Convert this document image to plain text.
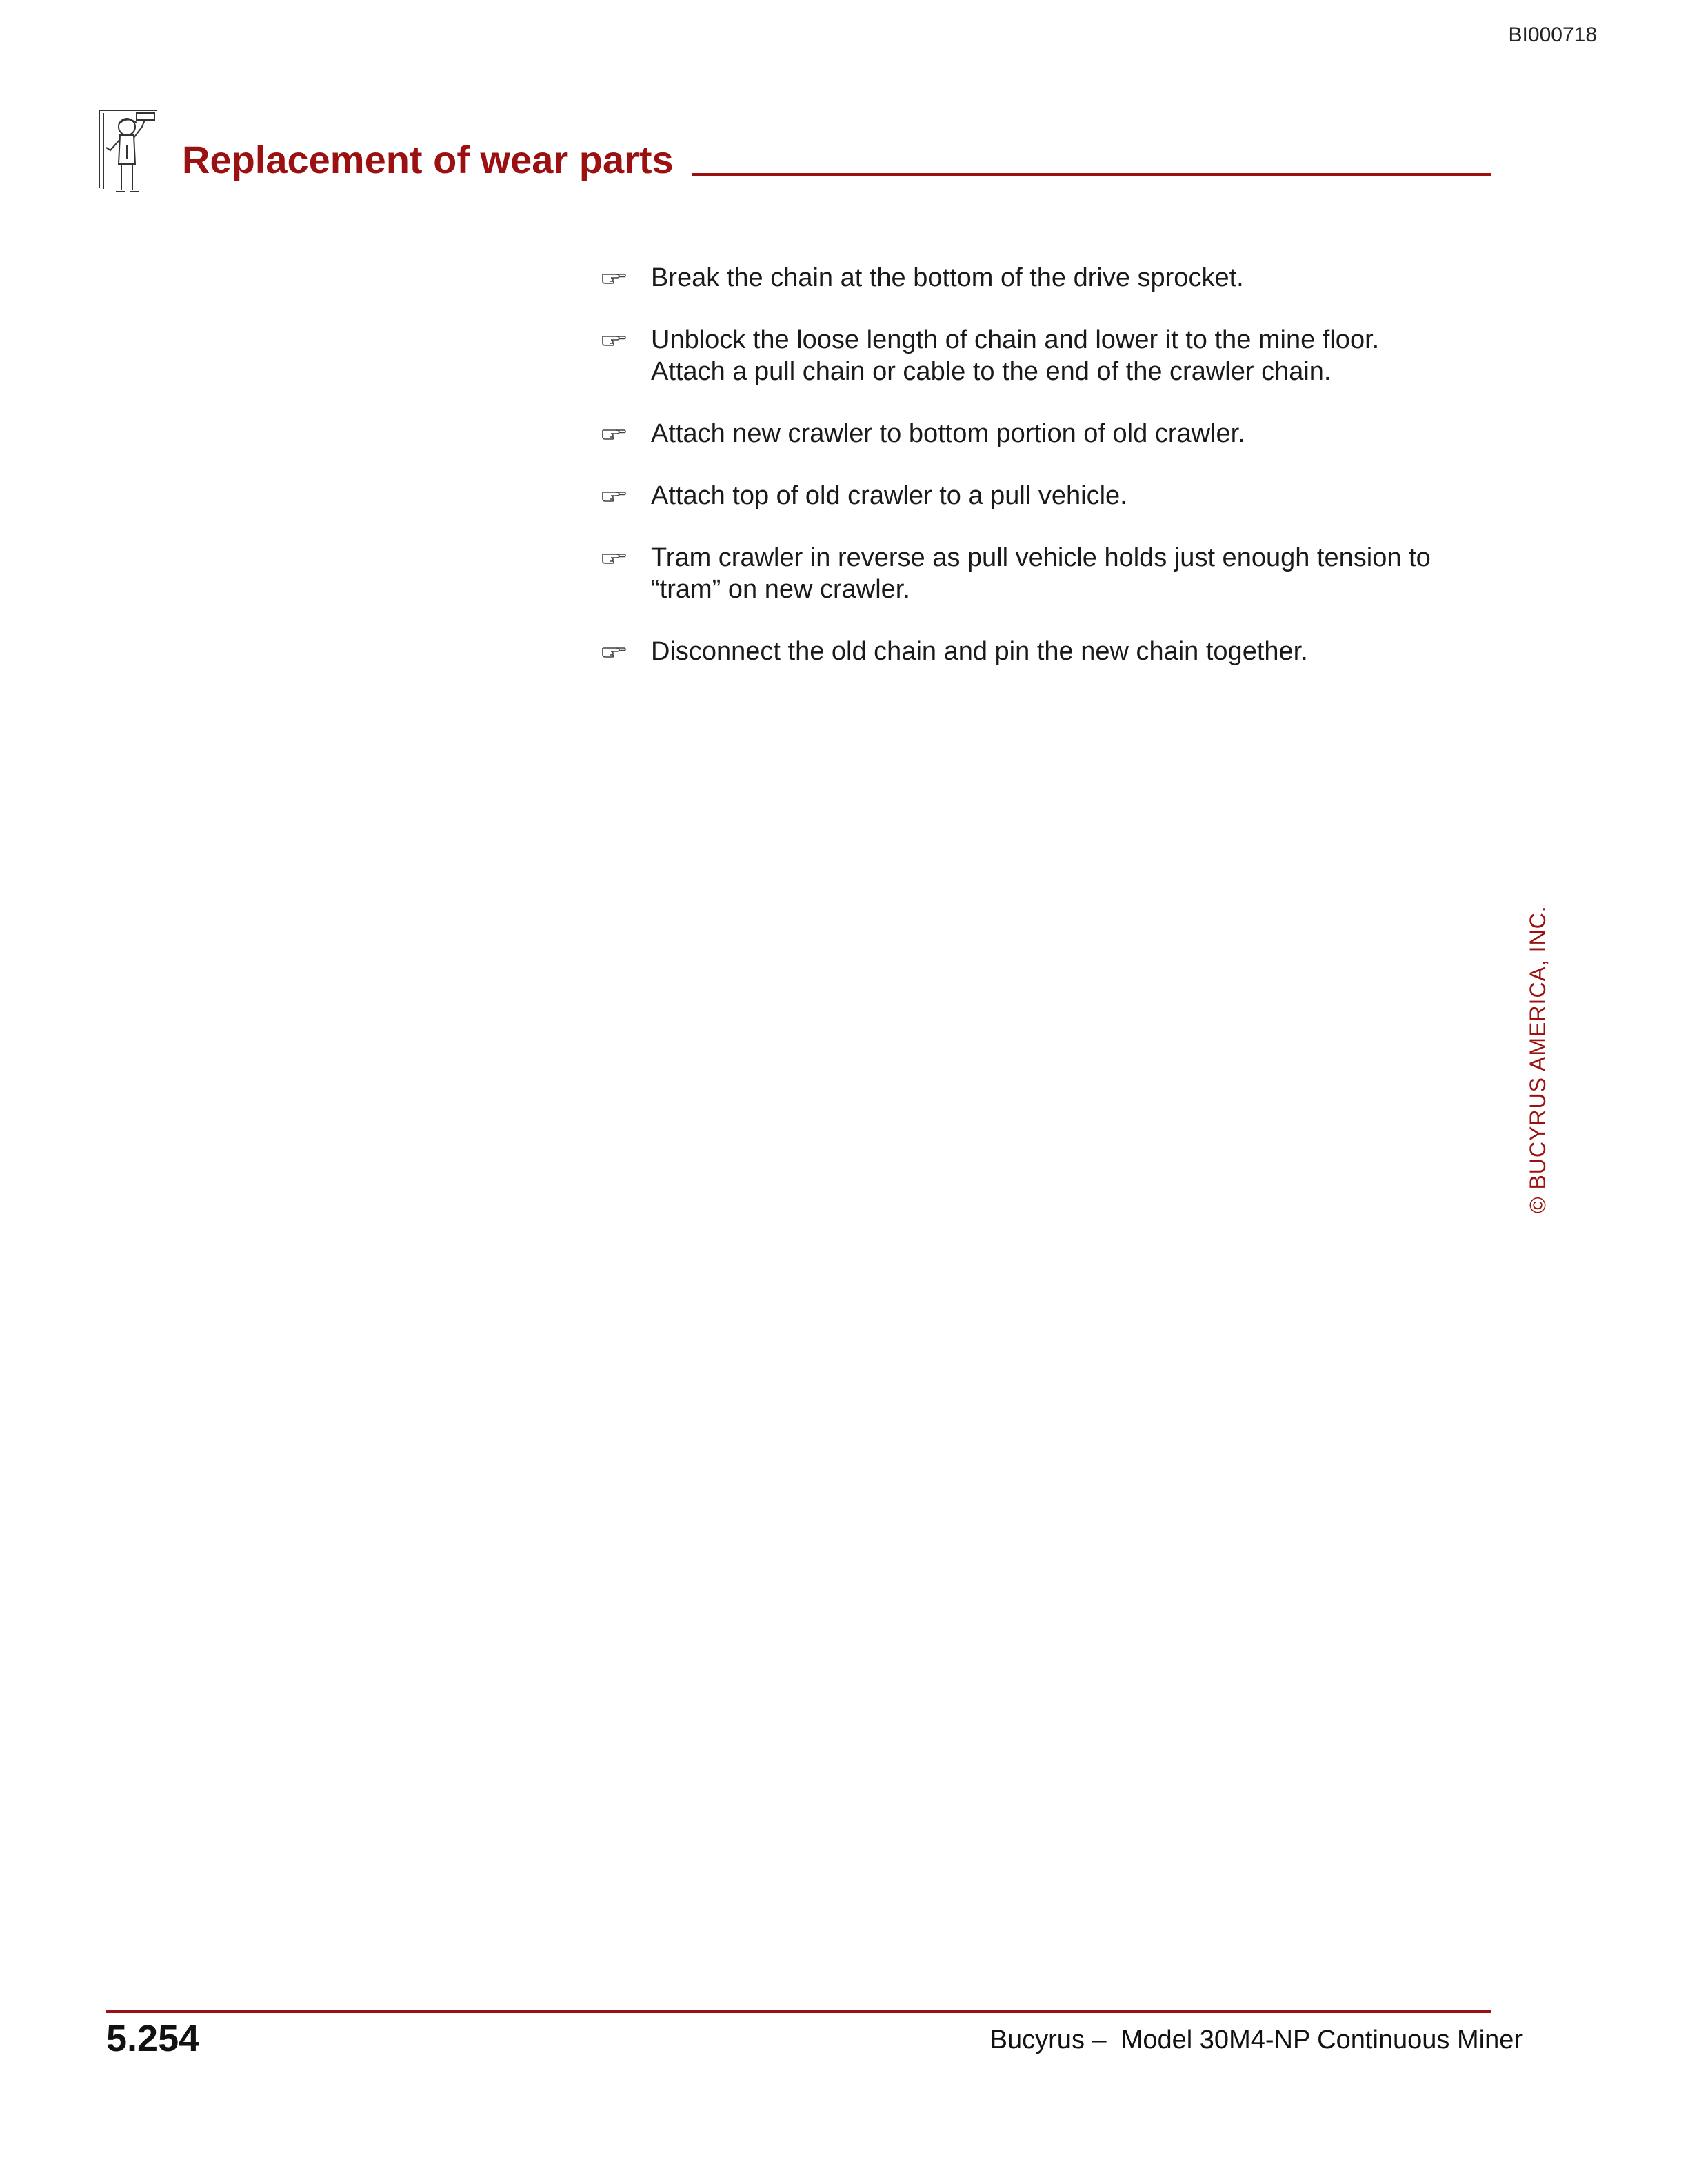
BI000718
Replacement of wear parts
Break the chain at the bottom of the drive sprocket.
Unblock the loose length of chain and lower it to the mine floor.
Attach a pull chain or cable to the end of the crawler chain.
Attach new crawler to bottom portion of old crawler.
Attach top of old crawler to a pull vehicle.
Tram crawler in reverse as pull vehicle holds just enough tension to
“tram” on new crawler.
Disconnect the old chain and pin the new chain together.
© BUCYRUS AMERICA, INC.
5.254	Bucyrus –  Model 30M4-NP Continuous Miner
